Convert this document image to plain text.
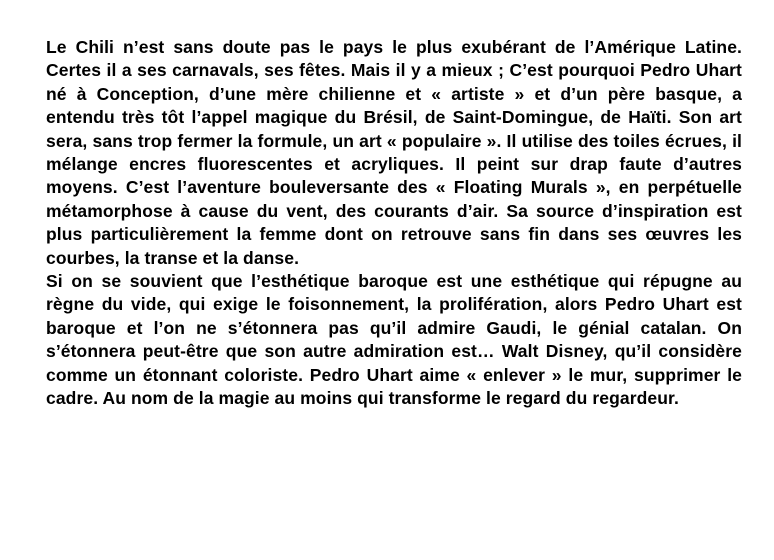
Le Chili n’est sans doute pas le pays le plus exubérant de l’Amérique Latine. Certes il a ses carnavals, ses fêtes. Mais il y a mieux ; C’est pourquoi Pedro Uhart né à Conception, d’une mère chilienne et « artiste » et d’un père basque, a entendu très tôt l’appel magique du Brésil, de Saint-Domingue, de Haïti. Son art sera, sans trop fermer la formule, un art « populaire ». Il utilise des toiles écrues, il mélange encres fluorescentes et acryliques. Il peint sur drap faute d’autres moyens. C’est l’aventure bouleversante des « Floating Murals », en perpétuelle métamorphose à cause du vent, des courants d’air. Sa source d’inspiration est plus particulièrement la femme dont on retrouve sans fin dans ses œuvres les courbes, la transe et la danse.

Si on se souvient que l’esthétique baroque est une esthétique qui répugne au règne du vide, qui exige le foisonnement, la prolifération, alors Pedro Uhart est baroque et l’on ne s’étonnera pas qu’il admire Gaudi, le génial catalan. On s’étonnera peut-être que son autre admiration est… Walt Disney, qu’il considère comme un étonnant coloriste. Pedro Uhart aime « enlever » le mur, supprimer le cadre. Au nom de la magie au moins qui transforme le regard du regardeur.
